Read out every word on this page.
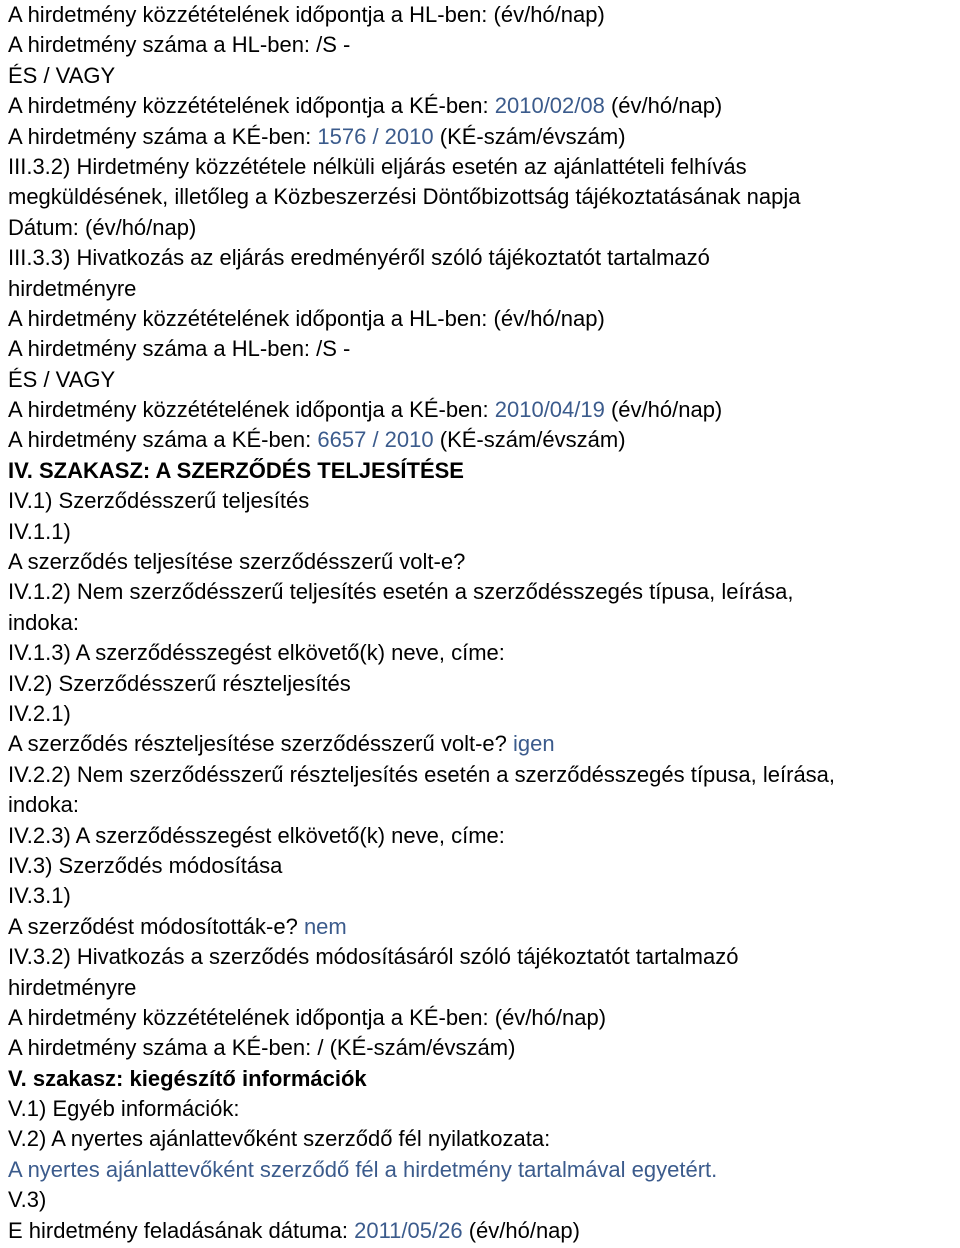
A hirdetmény közzétételének időpontja a HL-ben: (év/hó/nap)
A hirdetmény száma a HL-ben: /S -
ÉS / VAGY
A hirdetmény közzétételének időpontja a KÉ-ben: 2010/02/08 (év/hó/nap)
A hirdetmény száma a KÉ-ben: 1576 / 2010 (KÉ-szám/évszám)
III.3.2) Hirdetmény közzététele nélküli eljárás esetén az ajánlattételi felhívás
megküldésének, illetőleg a Közbeszerzési Döntőbizottság tájékoztatásának napja
Dátum: (év/hó/nap)
III.3.3) Hivatkozás az eljárás eredményéről szóló tájékoztatót tartalmazó
hirdetményre
A hirdetmény közzétételének időpontja a HL-ben: (év/hó/nap)
A hirdetmény száma a HL-ben: /S -
ÉS / VAGY
A hirdetmény közzétételének időpontja a KÉ-ben: 2010/04/19 (év/hó/nap)
A hirdetmény száma a KÉ-ben: 6657 / 2010 (KÉ-szám/évszám)
IV. SZAKASZ: A SZERZŐDÉS TELJESÍTÉSE
IV.1) Szerződésszerű teljesítés
IV.1.1)
A szerződés teljesítése szerződésszerű volt-e?
IV.1.2) Nem szerződésszerű teljesítés esetén a szerződésszegés típusa, leírása,
indoka:
IV.1.3) A szerződésszegést elkövető(k) neve, címe:
IV.2) Szerződésszerű részteljesítés
IV.2.1)
A szerződés részteljesítése szerződésszerű volt-e? igen
IV.2.2) Nem szerződésszerű részteljesítés esetén a szerződésszegés típusa, leírása,
indoka:
IV.2.3) A szerződésszegést elkövető(k) neve, címe:
IV.3) Szerződés módosítása
IV.3.1)
A szerződést módosították-e? nem
IV.3.2) Hivatkozás a szerződés módosításáról szóló tájékoztatót tartalmazó
hirdetményre
A hirdetmény közzétételének időpontja a KÉ-ben: (év/hó/nap)
A hirdetmény száma a KÉ-ben: / (KÉ-szám/évszám)
V. szakasz: kiegészítő információk
V.1) Egyéb információk:
V.2) A nyertes ajánlattevőként szerződő fél nyilatkozata:
A nyertes ajánlattevőként szerződő fél a hirdetmény tartalmával egyetért.
V.3)
E hirdetmény feladásának dátuma: 2011/05/26 (év/hó/nap)
